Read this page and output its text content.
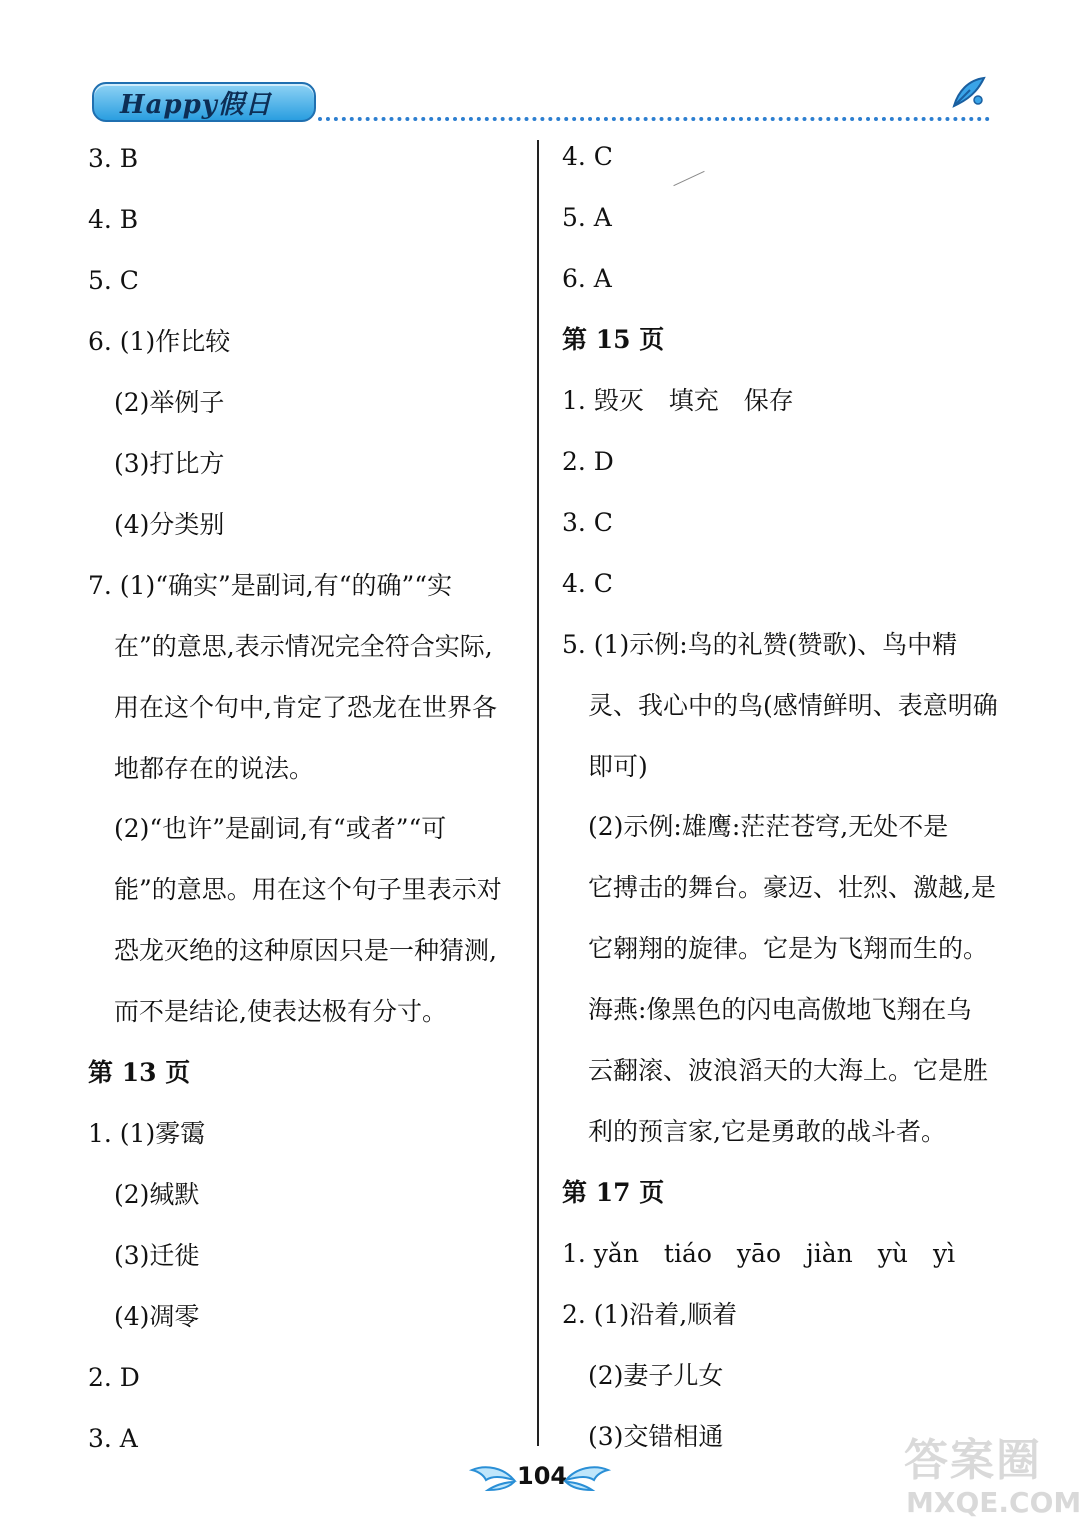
Happy假日
3. B
4. B
5. C
6. (1)作比较
(2)举例子
(3)打比方
(4)分类别
7. (1)“确实”是副词,有“的确”“实
在”的意思,表示情况完全符合实际,
用在这个句中,肯定了恐龙在世界各
地都存在的说法。
(2)“也许”是副词,有“或者”“可
能”的意思。用在这个句子里表示对
恐龙灭绝的这种原因只是一种猜测,
而不是结论,使表达极有分寸。
第 13 页
1. (1)雾霭
(2)缄默
(3)迁徙
(4)凋零
2. D
3. A
4. C
5. A
6. A
第 15 页
1. 毁灭　填充　保存
2. D
3. C
4. C
5. (1)示例:鸟的礼赞(赞歌)、鸟中精
灵、我心中的鸟(感情鲜明、表意明确
即可)
(2)示例:雄鹰:茫茫苍穹,无处不是
它搏击的舞台。豪迈、壮烈、激越,是
它翱翔的旋律。它是为飞翔而生的。
海燕:像黑色的闪电高傲地飞翔在乌
云翻滚、波浪滔天的大海上。它是胜
利的预言家,它是勇敢的战斗者。
第 17 页
1. yǎn　tiáo　yāo　jiàn　yù　yì
2. (1)沿着,顺着
(2)妻子儿女
(3)交错相通
104	答案圈
MXQE.COM
